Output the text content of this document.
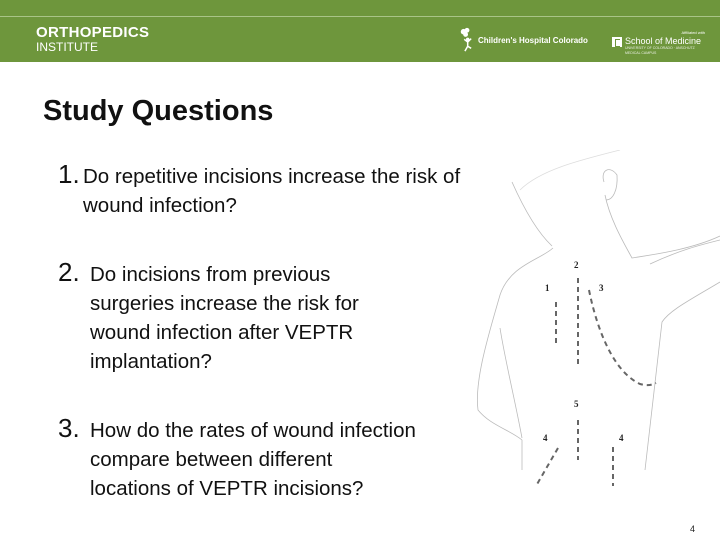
ORTHOPEDICS
INSTITUTE	Children's Hospital Colorado
Affiliated with
School of Medicine
UNIVERSITY OF COLORADO · ANSCHUTZ MEDICAL CAMPUS
Study Questions
1. Do repetitive incisions increase the risk of wound infection?
2. Do incisions from previous surgeries increase the risk for wound infection after VEPTR implantation?
3. How do the rates of wound infection compare between different locations of VEPTR incisions?
2
1	3
5
4	4
4
